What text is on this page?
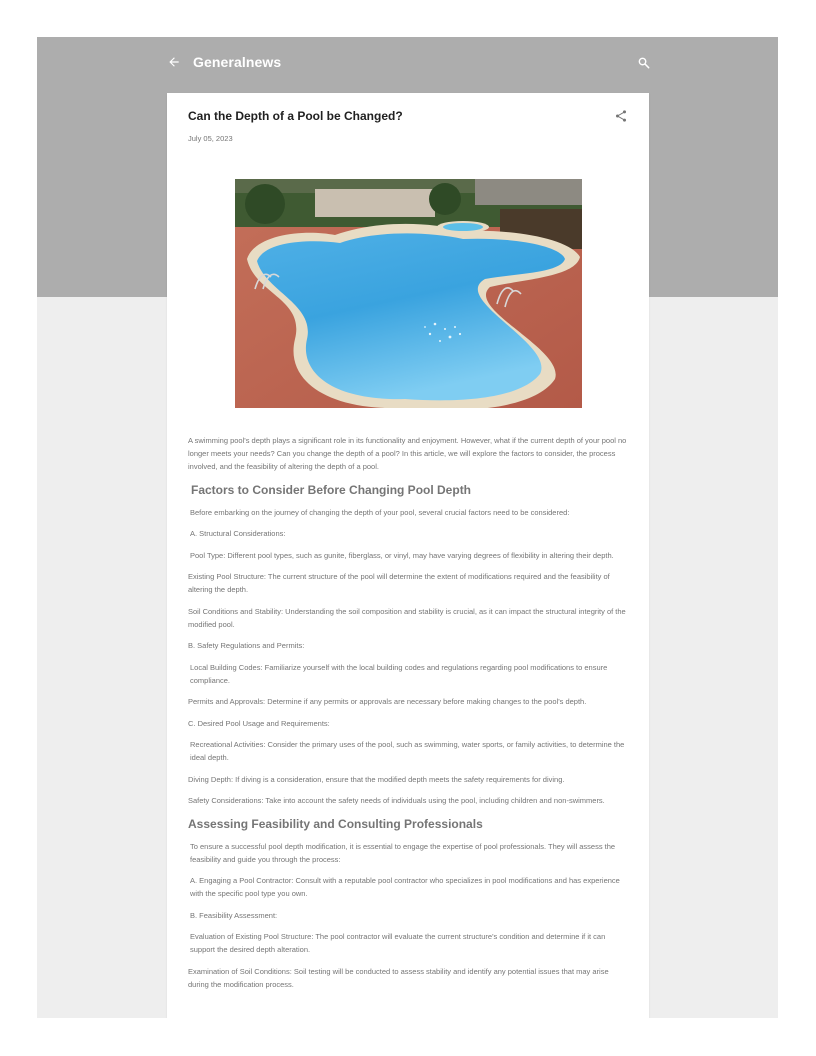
Generalnews
Can the Depth of a Pool be Changed?
July 05, 2023

A swimming pool's depth plays a significant role in its functionality and enjoyment. However, what if the current depth of your pool no longer meets your needs? Can you change the depth of a pool? In this article, we will explore the factors to consider, the process involved, and the feasibility of altering the depth of a pool.

Factors to Consider Before Changing Pool Depth

Before embarking on the journey of changing the depth of your pool, several crucial factors need to be considered:

A. Structural Considerations:

Pool Type: Different pool types, such as gunite, fiberglass, or vinyl, may have varying degrees of flexibility in altering their depth.

Existing Pool Structure: The current structure of the pool will determine the extent of modifications required and the feasibility of altering the depth.

Soil Conditions and Stability: Understanding the soil composition and stability is crucial, as it can impact the structural integrity of the modified pool.

B. Safety Regulations and Permits:

Local Building Codes: Familiarize yourself with the local building codes and regulations regarding pool modifications to ensure compliance.

Permits and Approvals: Determine if any permits or approvals are necessary before making changes to the pool's depth.

C. Desired Pool Usage and Requirements:

Recreational Activities: Consider the primary uses of the pool, such as swimming, water sports, or family activities, to determine the ideal depth.

Diving Depth: If diving is a consideration, ensure that the modified depth meets the safety requirements for diving.

Safety Considerations: Take into account the safety needs of individuals using the pool, including children and non-swimmers.

Assessing Feasibility and Consulting Professionals

To ensure a successful pool depth modification, it is essential to engage the expertise of pool professionals. They will assess the feasibility and guide you through the process:

A. Engaging a Pool Contractor: Consult with a reputable pool contractor who specializes in pool modifications and has experience with the specific pool type you own.

B. Feasibility Assessment:

Evaluation of Existing Pool Structure: The pool contractor will evaluate the current structure's condition and determine if it can support the desired depth alteration.

Examination of Soil Conditions: Soil testing will be conducted to assess stability and identify any potential issues that may arise during the modification process.
